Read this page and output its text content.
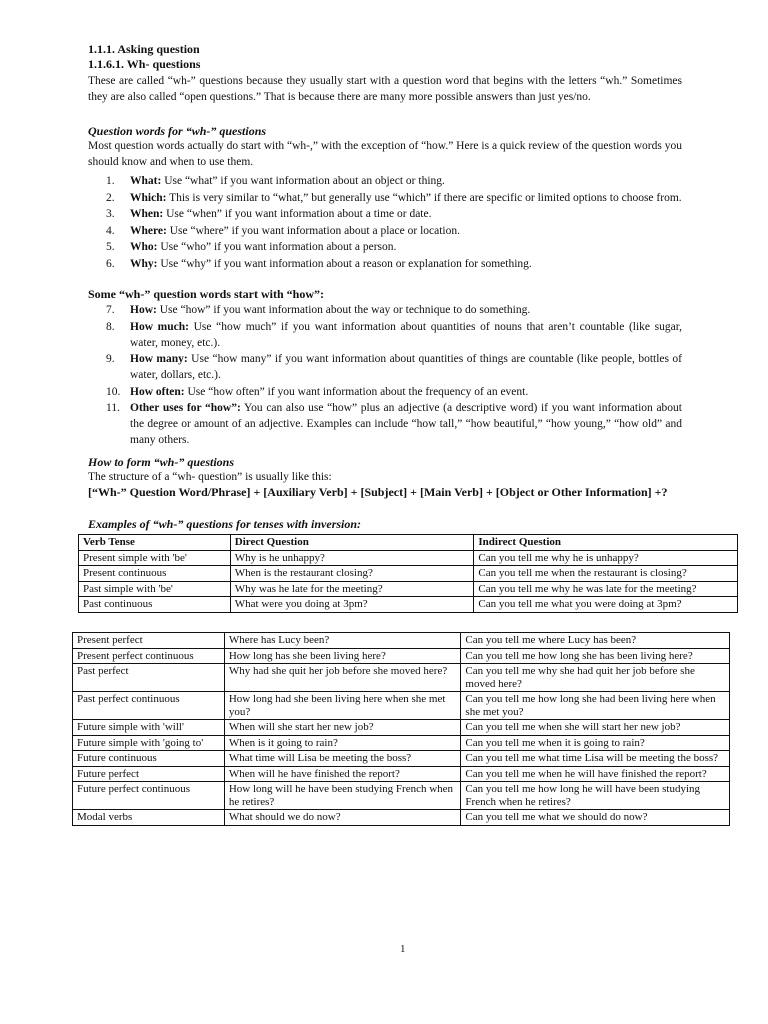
1.1.1. Asking question
1.1.6.1. Wh- questions
These are called “wh-” questions because they usually start with a question word that begins with the letters “wh.” Sometimes they are also called “open questions.” That is because there are many more possible answers than just yes/no.
Question words for “wh-” questions
Most question words actually do start with “wh-,” with the exception of “how.” Here is a quick review of the question words you should know and when to use them.
1.	What: Use “what” if you want information about an object or thing.
2.	Which: This is very similar to “what,” but generally use “which” if there are specific or limited options to choose from.
3.	When: Use “when” if you want information about a time or date.
4.	Where: Use “where” if you want information about a place or location.
5.	Who: Use “who” if you want information about a person.
6.	Why: Use “why” if you want information about a reason or explanation for something.
Some “wh-” question words start with “how”:
7.	How: Use “how” if you want information about the way or technique to do something.
8.	How much: Use “how much” if you want information about quantities of nouns that aren’t countable (like sugar, water, money, etc.).
9.	How many: Use “how many” if you want information about quantities of things are countable (like people, bottles of water, dollars, etc.).
10. How often: Use “how often” if you want information about the frequency of an event.
11. Other uses for “how”: You can also use “how” plus an adjective (a descriptive word) if you want information about the degree or amount of an adjective. Examples can include “how tall,” “how beautiful,” “how young,” “how old” and many others.
How to form “wh-” questions
The structure of a “wh- question” is usually like this:
[“Wh-” Question Word/Phrase] + [Auxiliary Verb] + [Subject] + [Main Verb] + [Object or Other Information] +?
Examples of “wh-” questions for tenses with inversion:
Verb Tense	Direct Question	Indirect Question
Present simple with 'be'	Why is he unhappy?	Can you tell me why he is unhappy?
Present continuous	When is the restaurant closing?	Can you tell me when the restaurant is closing?
Past simple with 'be'	Why was he late for the meeting?	Can you tell me why he was late for the meeting?
Past continuous	What were you doing at 3pm?	Can you tell me what you were doing at 3pm?
Present perfect	Where has Lucy been?	Can you tell me where Lucy has been?
Present perfect continuous	How long has she been living here?	Can you tell me how long she has been living here?
Past perfect	Why had she quit her job before she moved here?	Can you tell me why she had quit her job before she moved here?
Past perfect continuous	How long had she been living here when she met you?	Can you tell me how long she had been living here when she met you?
Future simple with 'will'	When will she start her new job?	Can you tell me when she will start her new job?
Future simple with 'going to'	When is it going to rain?	Can you tell me when it is going to rain?
Future continuous	What time will Lisa be meeting the boss?	Can you tell me what time Lisa will be meeting the boss?
Future perfect	When will he have finished the report?	Can you tell me when he will have finished the report?
Future perfect continuous	How long will he have been studying French when he retires?	Can you tell me how long he will have been studying French when he retires?
Modal verbs	What should we do now?	Can you tell me what we should do now?
1
